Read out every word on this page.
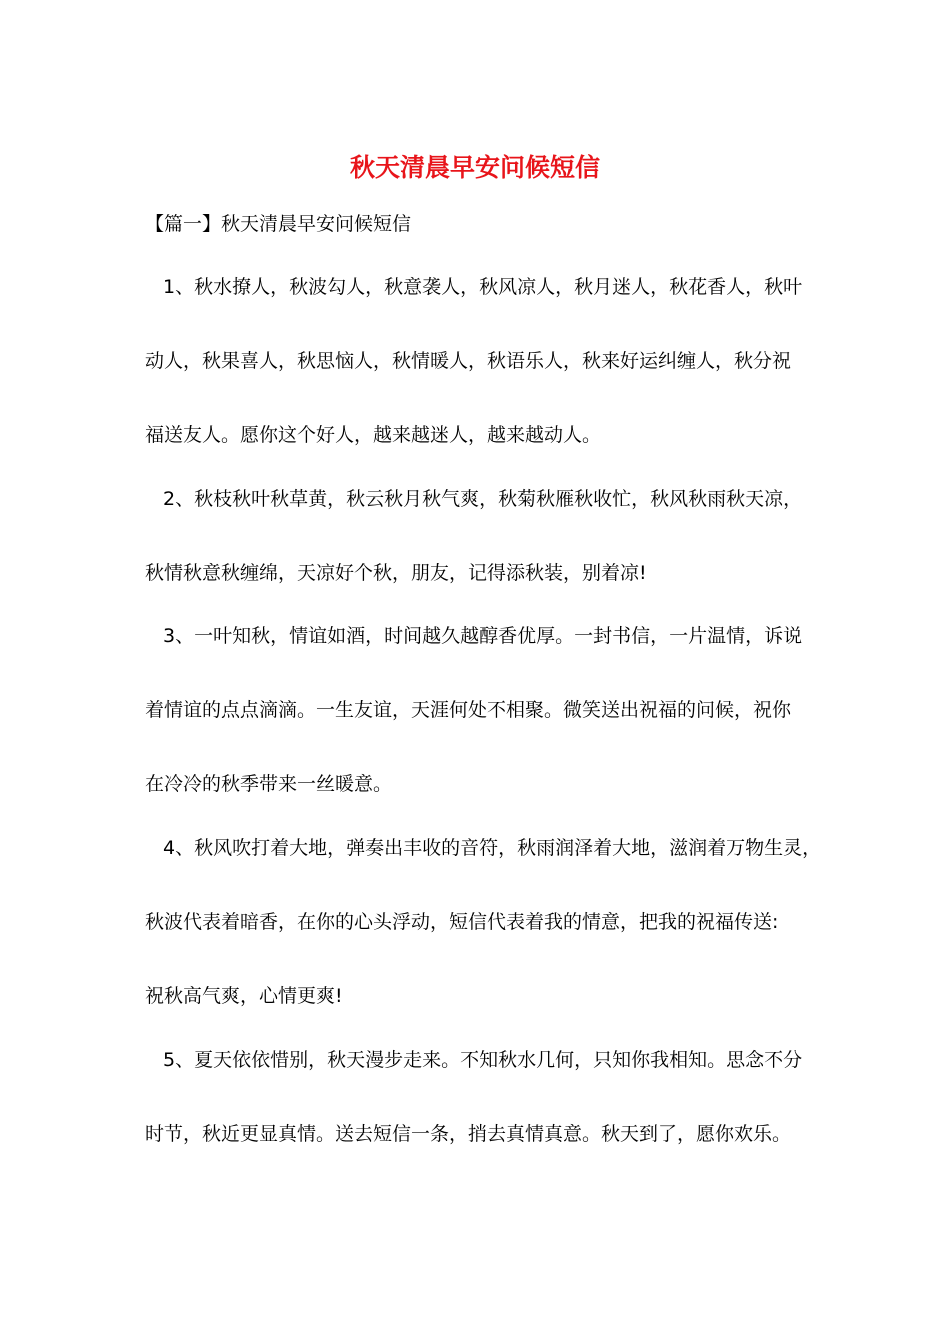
秋天清晨早安问候短信

【篇一】秋天清晨早安问候短信

1、秋水撩人，秋波勾人，秋意袭人，秋风凉人，秋月迷人，秋花香人，秋叶

动人，秋果喜人，秋思恼人，秋情暖人，秋语乐人，秋来好运纠缠人，秋分祝

福送友人。愿你这个好人，越来越迷人，越来越动人。

2、秋枝秋叶秋草黄，秋云秋月秋气爽，秋菊秋雁秋收忙，秋风秋雨秋天凉，

秋情秋意秋缠绵，天凉好个秋，朋友，记得添秋装，别着凉!

3、一叶知秋，情谊如酒，时间越久越醇香优厚。一封书信，一片温情，诉说

着情谊的点点滴滴。一生友谊，天涯何处不相聚。微笑送出祝福的问候，祝你

在冷冷的秋季带来一丝暖意。

4、秋风吹打着大地，弹奏出丰收的音符，秋雨润泽着大地，滋润着万物生灵，

秋波代表着暗香，在你的心头浮动，短信代表着我的情意，把我的祝福传送:

祝秋高气爽，心情更爽!

5、夏天依依惜别，秋天漫步走来。不知秋水几何，只知你我相知。思念不分

时节，秋近更显真情。送去短信一条，捎去真情真意。秋天到了，愿你欢乐。
